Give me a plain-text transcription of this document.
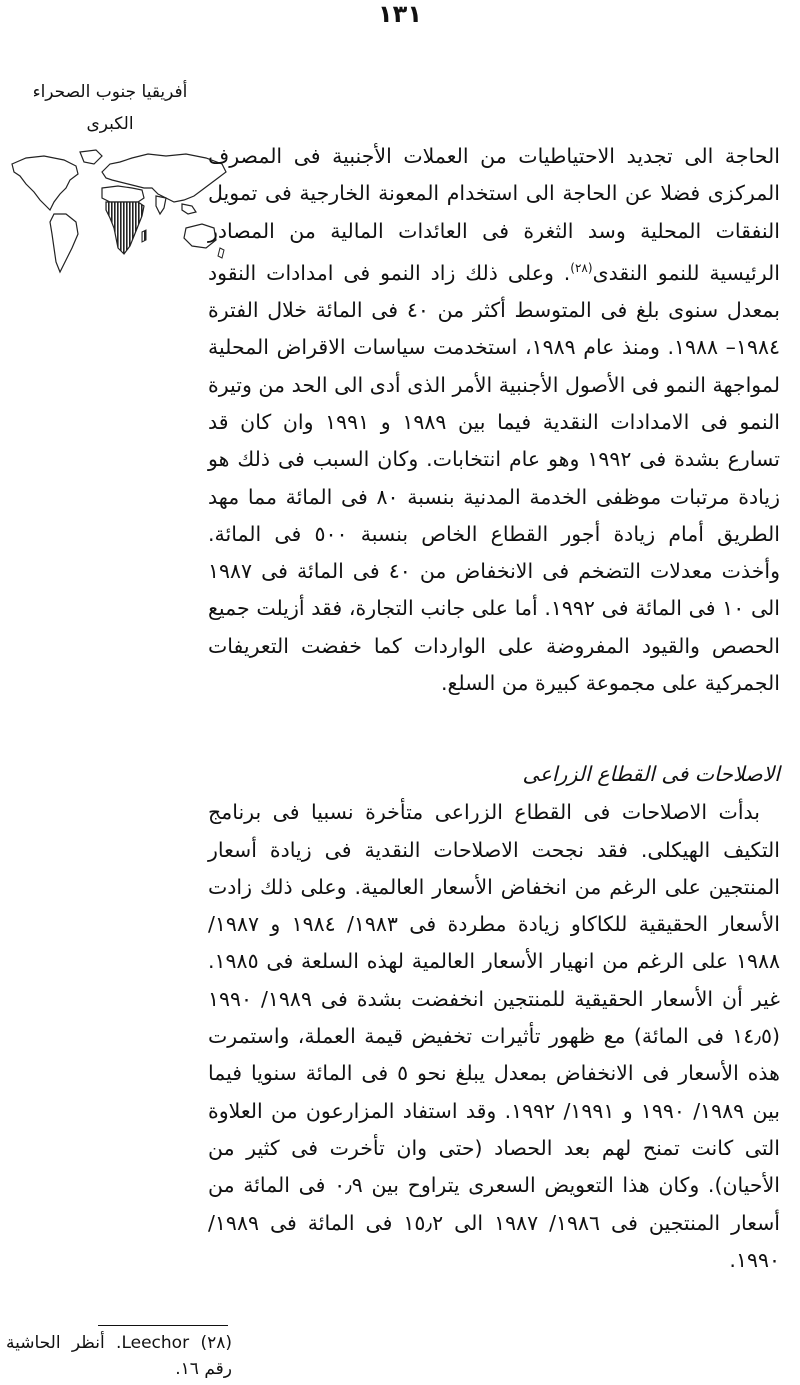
١٣١

أفريقيا جنوب الصحراء

الكبرى

الحاجة الى تجديد الاحتياطيات من العملات الأجنبية فى المصرف المركزى فضلا عن الحاجة الى استخدام المعونة الخارجية فى تمويل النفقات المحلية وسد الثغرة فى العائدات المالية من المصادر الرئيسية للنمو النقدى$^{(٢٨)}$. وعلى ذلك زاد النمو فى امدادات النقود بمعدل سنوى بلغ فى المتوسط أكثر من ٤٠ فى المائة خلال الفترة ١٩٨٤– ١٩٨٨. ومنذ عام ١٩٨٩، استخدمت سياسات الاقراض المحلية لمواجهة النمو فى الأصول الأجنبية الأمر الذى أدى الى الحد من وتيرة النمو فى الامدادات النقدية فيما بين ١٩٨٩ و ١٩٩١ وان كان قد تسارع بشدة فى ١٩٩٢ وهو عام انتخابات. وكان السبب فى ذلك هو زيادة مرتبات موظفى الخدمة المدنية بنسبة ٨٠ فى المائة مما مهد الطريق أمام زيادة أجور القطاع الخاص بنسبة ٥٠٠ فى المائة. وأخذت معدلات التضخم فى الانخفاض من ٤٠ فى المائة فى ١٩٨٧ الى ١٠ فى المائة فى ١٩٩٢. أما على جانب التجارة، فقد أزيلت جميع الحصص والقيود المفروضة على الواردات كما خفضت التعريفات الجمركية على مجموعة كبيرة من السلع.

الاصلاحات فى القطاع الزراعى

بدأت الاصلاحات فى القطاع الزراعى متأخرة نسبيا فى برنامج التكيف الهيكلى. فقد نجحت الاصلاحات النقدية فى زيادة أسعار المنتجين على الرغم من انخفاض الأسعار العالمية. وعلى ذلك زادت الأسعار الحقيقية للكاكاو زيادة مطردة فى ١٩٨٣/ ١٩٨٤ و ١٩٨٧/ ١٩٨٨ على الرغم من انهيار الأسعار العالمية لهذه السلعة فى ١٩٨٥. غير أن الأسعار الحقيقية للمنتجين انخفضت بشدة فى ١٩٨٩/ ١٩٩٠ (١٤٫٥ فى المائة) مع ظهور تأثيرات تخفيض قيمة العملة، واستمرت هذه الأسعار فى الانخفاض بمعدل يبلغ نحو ٥ فى المائة سنويا فيما بين ١٩٨٩/ ١٩٩٠ و ١٩٩١/ ١٩٩٢. وقد استفاد المزارعون من العلاوة التى كانت تمنح لهم بعد الحصاد (حتى وان تأخرت فى كثير من الأحيان). وكان هذا التعويض السعرى يتراوح بين ٠٫٩ فى المائة من أسعار المنتجين فى ١٩٨٦/ ١٩٨٧ الى ١٥٫٢ فى المائة فى ١٩٨٩/ ١٩٩٠.

(٢٨) Leechor. أنظر الحاشية رقم ١٦.
